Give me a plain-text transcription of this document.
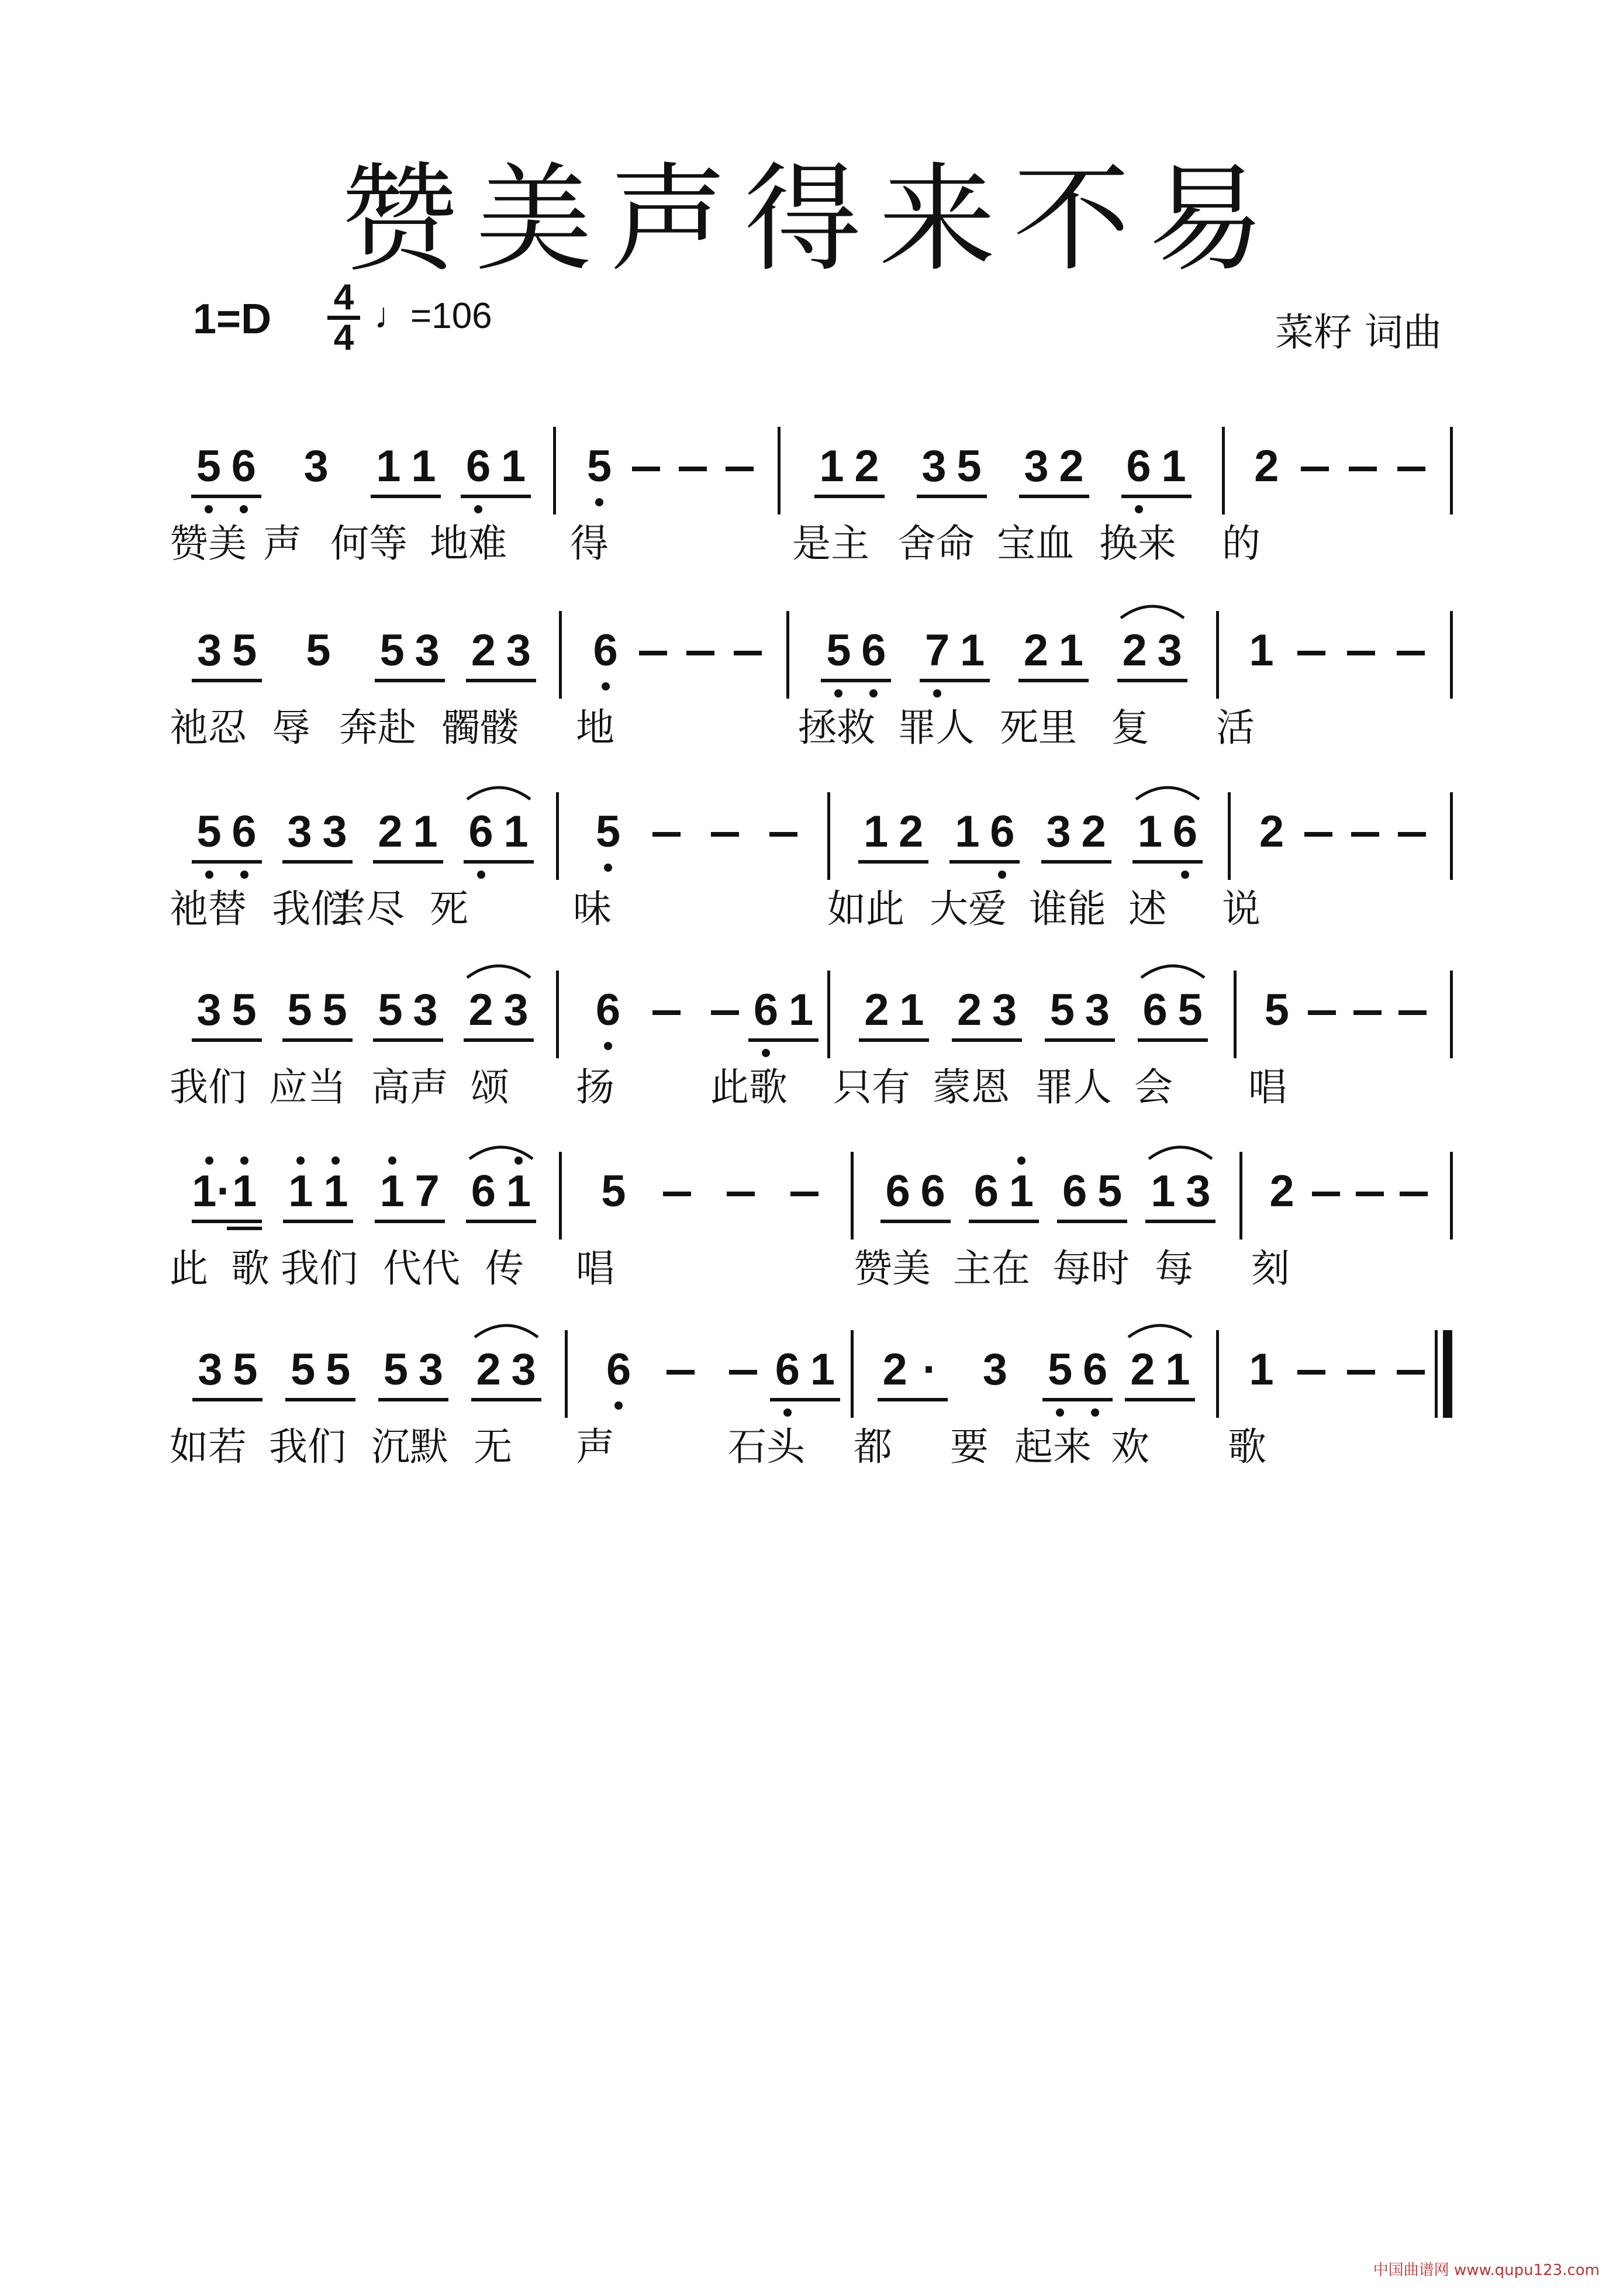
赞美声得来不易
1=D 4
4
♩=106	菜籽 词曲
5 6 3 1 1 6 1 5	1 2 3 5 3 2 6 1 2
赞美 声 何等 地难 得	是主 舍命 宝血 换来 的
3 5 5 5 3 2 3 6	5 6 7 1 2 1 2 3 1
祂忍 辱 奔赴 髑髅 地	拯救 罪人 死里 复 活
5 6 3 3 2 1 6 1 5	1 2 1 6 3 2 1 6 2
祂替 我们
尝尽 死	味	如此 大爱 谁能 述 说
3 5 5 5 5 3 2 3 6	6 1 2 1 2 3 5 3 6 5 5
我们 应当 高声 颂 扬 此歌 只有 蒙恩 罪人 会 唱
1· 1 1 1 1 7 6 1 5	6 6 6 1 6 5 1 3 2
此 歌 我们 代代 传 唱	赞美 主在 每时 每 刻
3 5 5 5 5 3 2 3 6	6 1 2 · 3 5 6 2 1 1
如若 我们 沉默 无 声	石头 都 要 起来 欢 歌
中国曲谱网 www.qupu123.com
